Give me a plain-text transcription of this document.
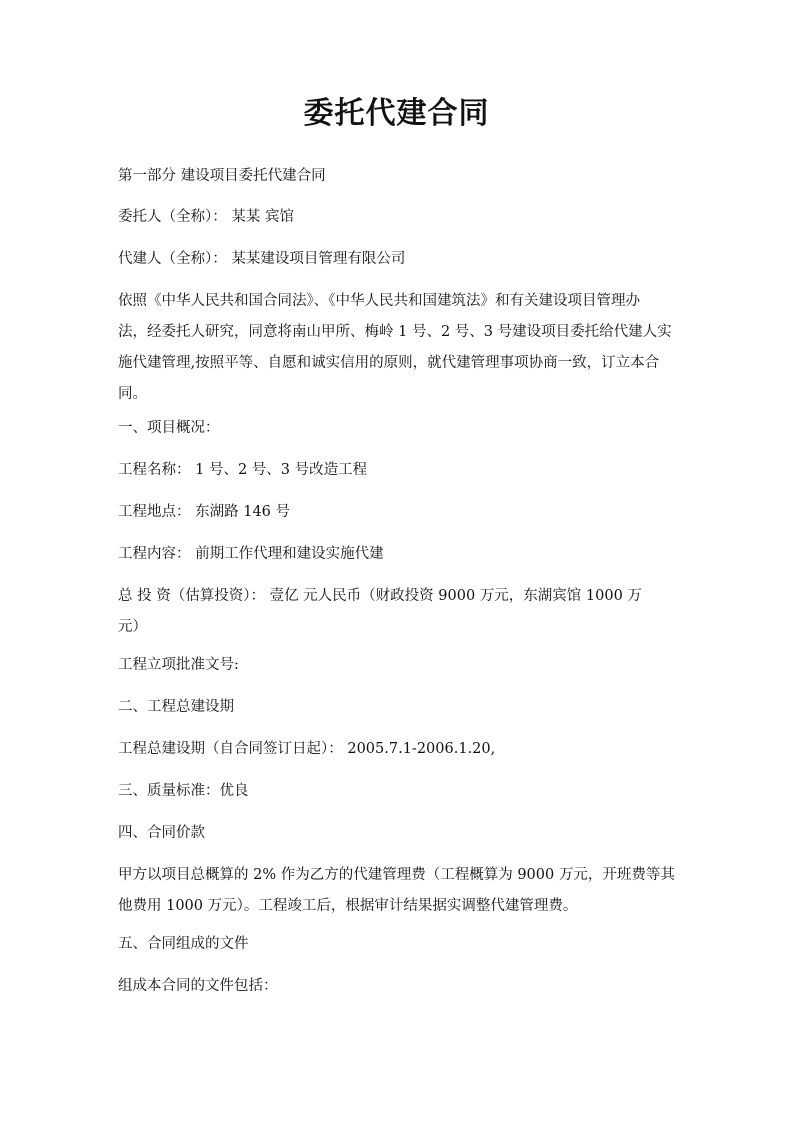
委托代建合同
第一部分 建设项目委托代建合同
委托人（全称）： 某某 宾馆
代建人（全称）： 某某建设项目管理有限公司
依照《中华人民共和国合同法》、《中华人民共和国建筑法》和有关建设项目管理办
法，经委托人研究，同意将南山甲所、梅岭 1 号、2 号、3 号建设项目委托给代建人实
施代建管理,按照平等、自愿和诚实信用的原则，就代建管理事项协商一致，订立本合
同。
一、项目概况：
工程名称： 1 号、2 号、3 号改造工程
工程地点： 东湖路 146 号
工程内容： 前期工作代理和建设实施代建
总 投 资（估算投资）： 壹亿 元人民币（财政投资 9000 万元，东湖宾馆 1000 万
元）
工程立项批准文号:
二、工程总建设期
工程总建设期（自合同签订日起）： 2005.7.1-2006.1.20,
三、质量标准：优良
四、合同价款
甲方以项目总概算的 2% 作为乙方的代建管理费（工程概算为 9000 万元，开班费等其
他费用 1000 万元）。工程竣工后，根据审计结果据实调整代建管理费。
五、合同组成的文件
组成本合同的文件包括：
